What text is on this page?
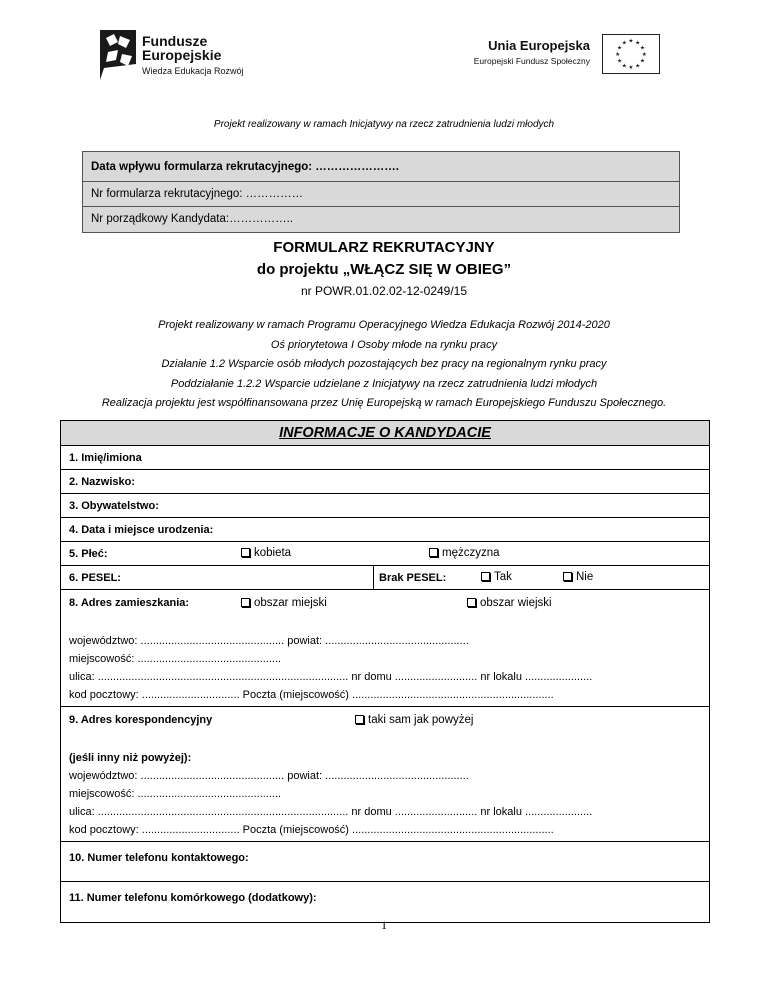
Fundusze
Europejskie
Wiedza Edukacja Rozwój
Unia Europejska
Europejski Fundusz Społeczny
★ ★
★
★
★
★
★
★
★
★
★
★
Projekt realizowany w ramach Inicjatywy na rzecz zatrudnienia ludzi młodych
Data wpływu formularza rekrutacyjnego: ………………….
Nr formularza rekrutacyjnego: ……………
Nr porządkowy Kandydata:……………..
FORMULARZ REKRUTACYJNY
do projektu „WŁĄCZ SIĘ W OBIEG”
nr POWR.01.02.02-12-0249/15
Projekt realizowany w ramach Programu Operacyjnego Wiedza Edukacja Rozwój 2014-2020
Oś priorytetowa I Osoby młode na rynku pracy
Działanie 1.2 Wsparcie osób młodych pozostających bez pracy na regionalnym rynku pracy
Poddziałanie 1.2.2 Wsparcie udzielane z Inicjatywy na rzecz zatrudnienia ludzi młodych
Realizacja projektu jest współfinansowana przez Unię Europejską w ramach Europejskiego Funduszu Społecznego.
INFORMACJE O KANDYDACIE
1. Imię/imiona
2. Nazwisko:
3. Obywatelstwo:
4. Data i miejsce urodzenia:
5. Płeć:	kobieta	mężczyzna
6. PESEL:	Brak PESEL:	Tak	Nie
8. Adres zamieszkania:	obszar miejski	obszar wiejski
województwo: ............................................... powiat: ...............................................
miejscowość: ...............................................
ulica: .................................................................................. nr domu ........................... nr lokalu ......................
kod pocztowy: ................................ Poczta (miejscowość) ..................................................................
9. Adres korespondencyjny	taki sam jak powyżej
(jeśli inny niż powyżej):
województwo: ............................................... powiat: ...............................................
miejscowość: ...............................................
ulica: .................................................................................. nr domu ........................... nr lokalu ......................
kod pocztowy: ................................ Poczta (miejscowość) ..................................................................
10. Numer telefonu kontaktowego:
11. Numer telefonu komórkowego (dodatkowy):
1
